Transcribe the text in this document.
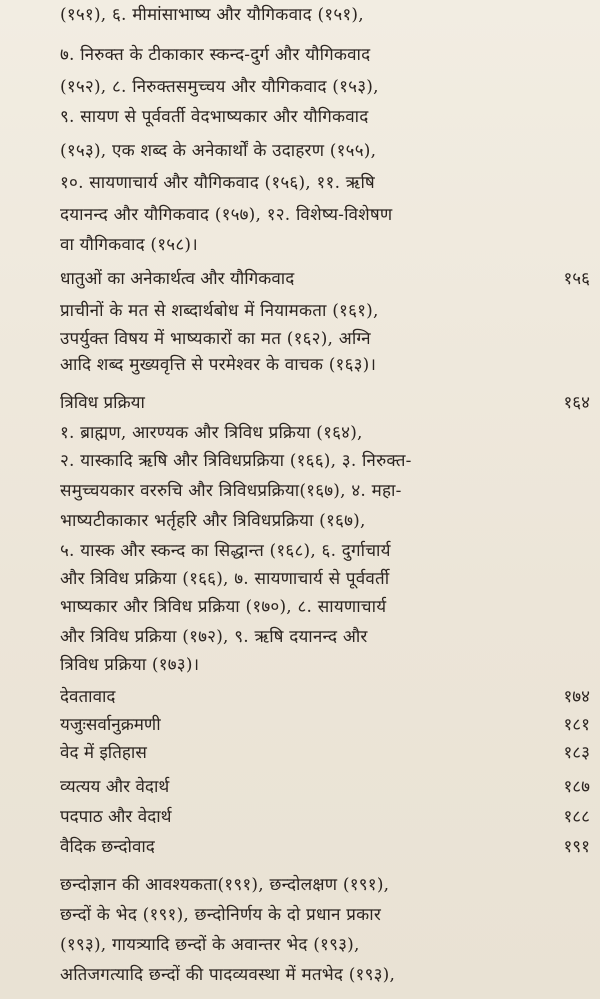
(१५१), ६. मीमांसाभाष्य और यौगिकवाद (१५१),
७. निरुक्त के टीकाकार स्कन्द-दुर्ग और यौगिकवाद
(१५२), ८. निरुक्तसमुच्चय और यौगिकवाद (१५३),
९. सायण से पूर्ववर्ती वेदभाष्यकार और यौगिकवाद
(१५३), एक शब्द के अनेकार्थों के उदाहरण (१५५),
१०. सायणाचार्य और यौगिकवाद (१५६), ११. ऋषि
दयानन्द और यौगिकवाद (१५७), १२. विशेष्य-विशेषण
वा यौगिकवाद (१५८)।
धातुओं का अनेकार्थत्व और यौगिकवाद	१५६
प्राचीनों के मत से शब्दार्थबोध में नियामकता (१६१),
उपर्युक्त विषय में भाष्यकारों का मत (१६२), अग्नि
आदि शब्द मुख्यवृत्ति से परमेश्वर के वाचक (१६३)।
त्रिविध प्रक्रिया	१६४
१. ब्राह्मण, आरण्यक और त्रिविध प्रक्रिया (१६४),
२. यास्कादि ऋषि और त्रिविधप्रक्रिया (१६६), ३. निरुक्त-
समुच्चयकार वररुचि और त्रिविधप्रक्रिया(१६७), ४. महा-
भाष्यटीकाकार भर्तृहरि और त्रिविधप्रक्रिया (१६७),
५. यास्क और स्कन्द का सिद्धान्त (१६८), ६. दुर्गाचार्य
और त्रिविध प्रक्रिया (१६६), ७. सायणाचार्य से पूर्ववर्ती
भाष्यकार और त्रिविध प्रक्रिया (१७०), ८. सायणाचार्य
और त्रिविध प्रक्रिया (१७२), ९. ऋषि दयानन्द और
त्रिविध प्रक्रिया (१७३)।
देवतावाद	१७४
यजुःसर्वानुक्रमणी	१८१
वेद में इतिहास	१८३
व्यत्यय और वेदार्थ	१८७
पदपाठ और वेदार्थ	१८८
वैदिक छन्दोवाद	१९१
छन्दोज्ञान की आवश्यकता(१९१), छन्दोलक्षण (१९१),
छन्दों के भेद (१९१), छन्दोनिर्णय के दो प्रधान प्रकार
(१९३), गायत्र्यादि छन्दों के अवान्तर भेद (१९३),
अतिजगत्यादि छन्दों की पादव्यवस्था में मतभेद (१९३),
